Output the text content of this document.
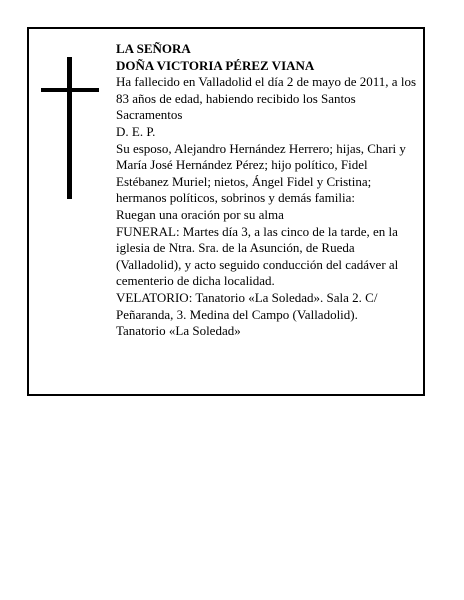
LA SEÑORA

DOÑA VICTORIA PÉREZ VIANA

Ha fallecido en Valladolid el día 2 de mayo de 2011, a los 83 años de edad, habiendo recibido los Santos Sacramentos

D. E. P.

Su esposo, Alejandro Hernández Herrero; hijas, Chari y María José Hernández Pérez; hijo político, Fidel Estébanez Muriel; nietos, Ángel Fidel y Cristina; hermanos políticos, sobrinos y demás familia:

Ruegan una oración por su alma

FUNERAL: Martes día 3, a las cinco de la tarde, en la iglesia de Ntra. Sra. de la Asunción, de Rueda (Valladolid), y acto seguido conducción del cadáver al cementerio de dicha localidad.

VELATORIO: Tanatorio «La Soledad». Sala 2. C/ Peñaranda, 3. Medina del Campo (Valladolid).

Tanatorio «La Soledad»
